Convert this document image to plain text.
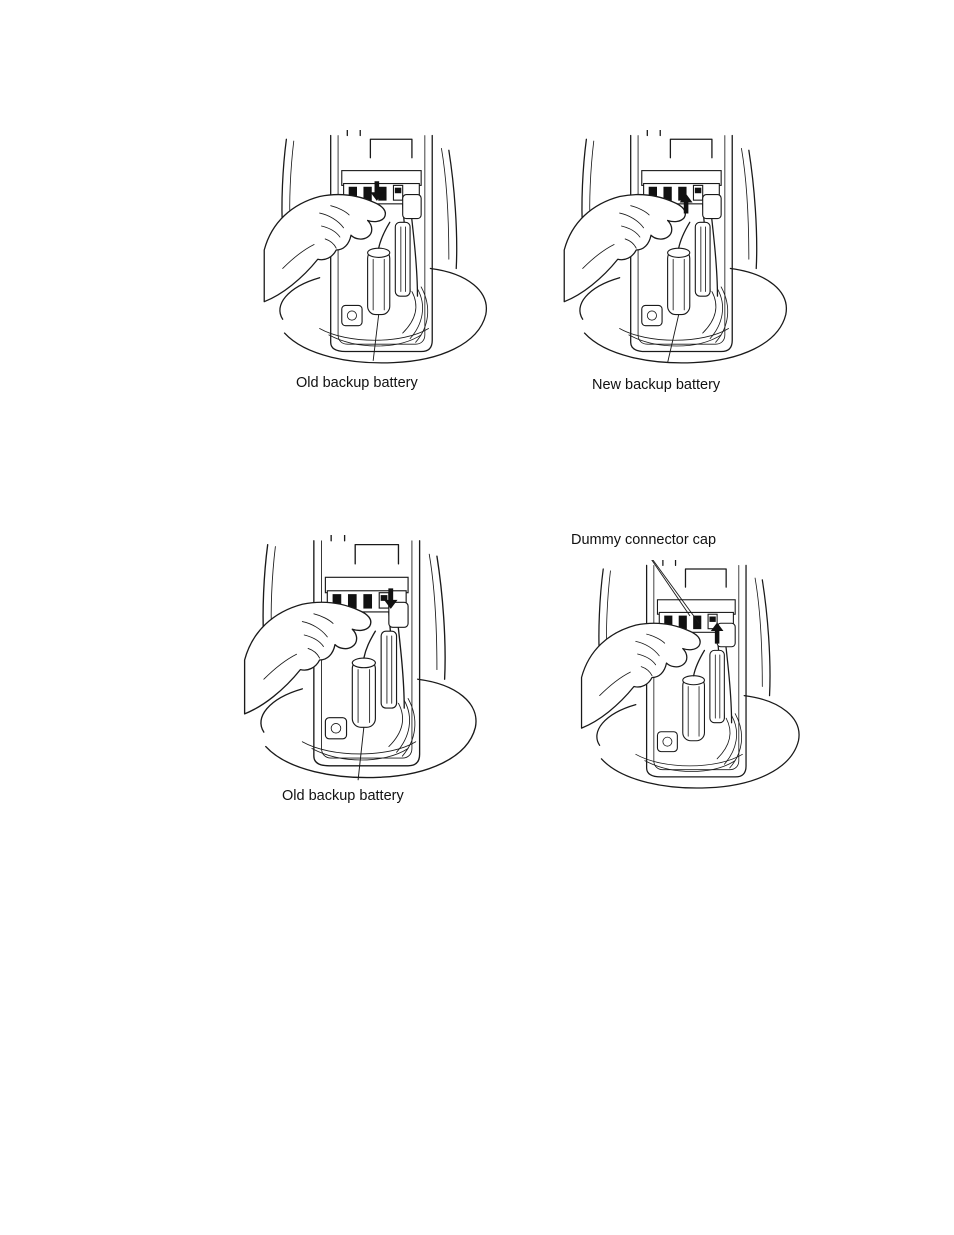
Old backup battery	New backup battery
Old backup battery
Dummy connector cap
